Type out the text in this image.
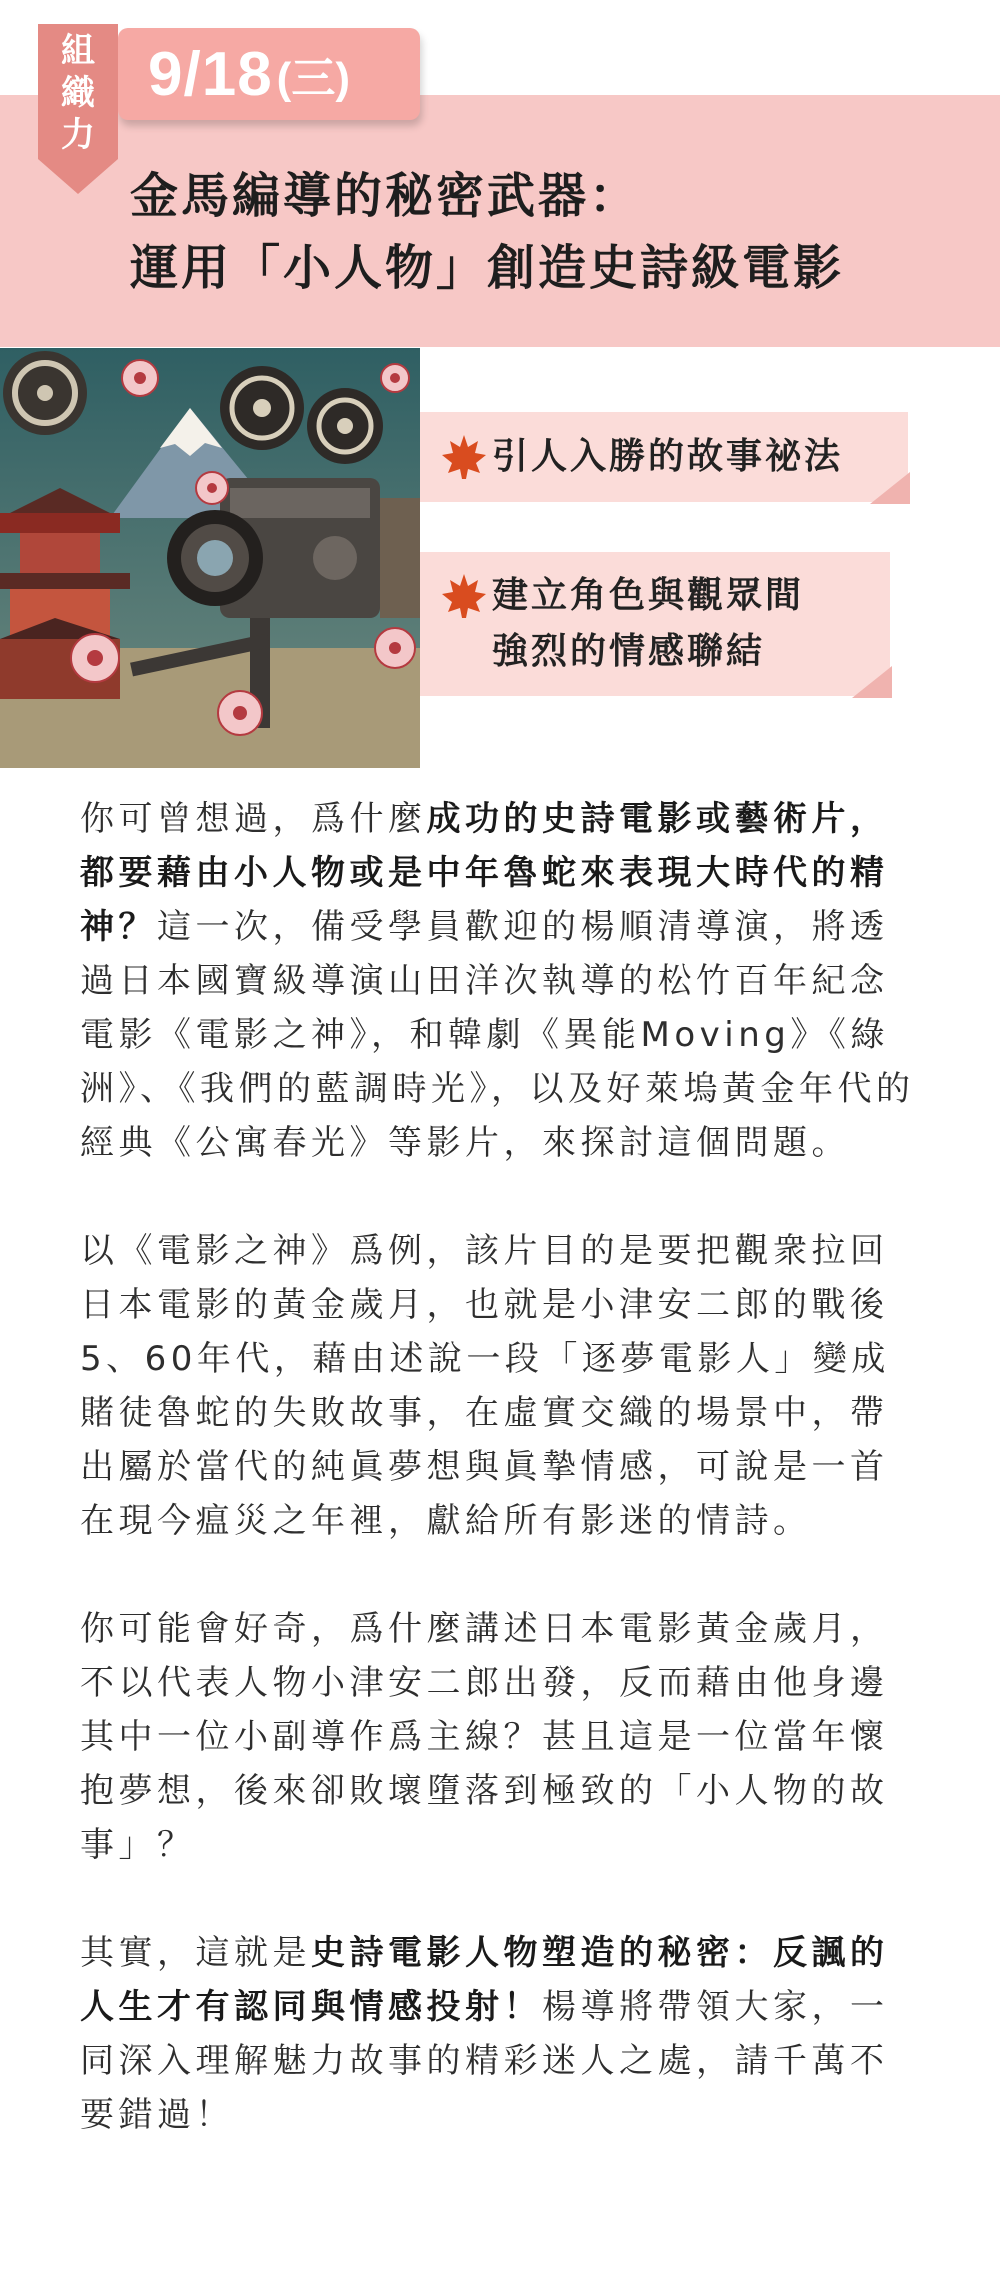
9/18 (三)
組
織
力
金馬編導的秘密武器：
運用「小人物」創造史詩級電影
引人入勝的故事祕法
建立角色與觀眾間
強烈的情感聯結

你可曾想過，爲什麼成功的史詩電影或藝術片，都要藉由小人物或是中年魯蛇來表現大時代的精神？這一次，備受學員歡迎的楊順清導演，將透過日本國寶級導演山田洋次執導的松竹百年紀念電影《電影之神》，和韓劇《異能Moving》《綠洲》、《我們的藍調時光》，以及好萊塢黃金年代的經典《公寓春光》等影片，來探討這個問題。

以《電影之神》爲例，該片目的是要把觀衆拉回日本電影的黃金歲月，也就是小津安二郎的戰後5、60年代，藉由述說一段「逐夢電影人」變成賭徒魯蛇的失敗故事，在虛實交織的場景中，帶出屬於當代的純眞夢想與眞摯情感，可說是一首在現今瘟災之年裡，獻給所有影迷的情詩。

你可能會好奇，爲什麼講述日本電影黃金歲月，不以代表人物小津安二郎出發，反而藉由他身邊其中一位小副導作爲主線？甚且這是一位當年懷抱夢想，後來卻敗壞墮落到極致的「小人物的故事」？

其實，這就是史詩電影人物塑造的秘密：反諷的人生才有認同與情感投射！楊導將帶領大家，一同深入理解魅力故事的精彩迷人之處，請千萬不要錯過！
